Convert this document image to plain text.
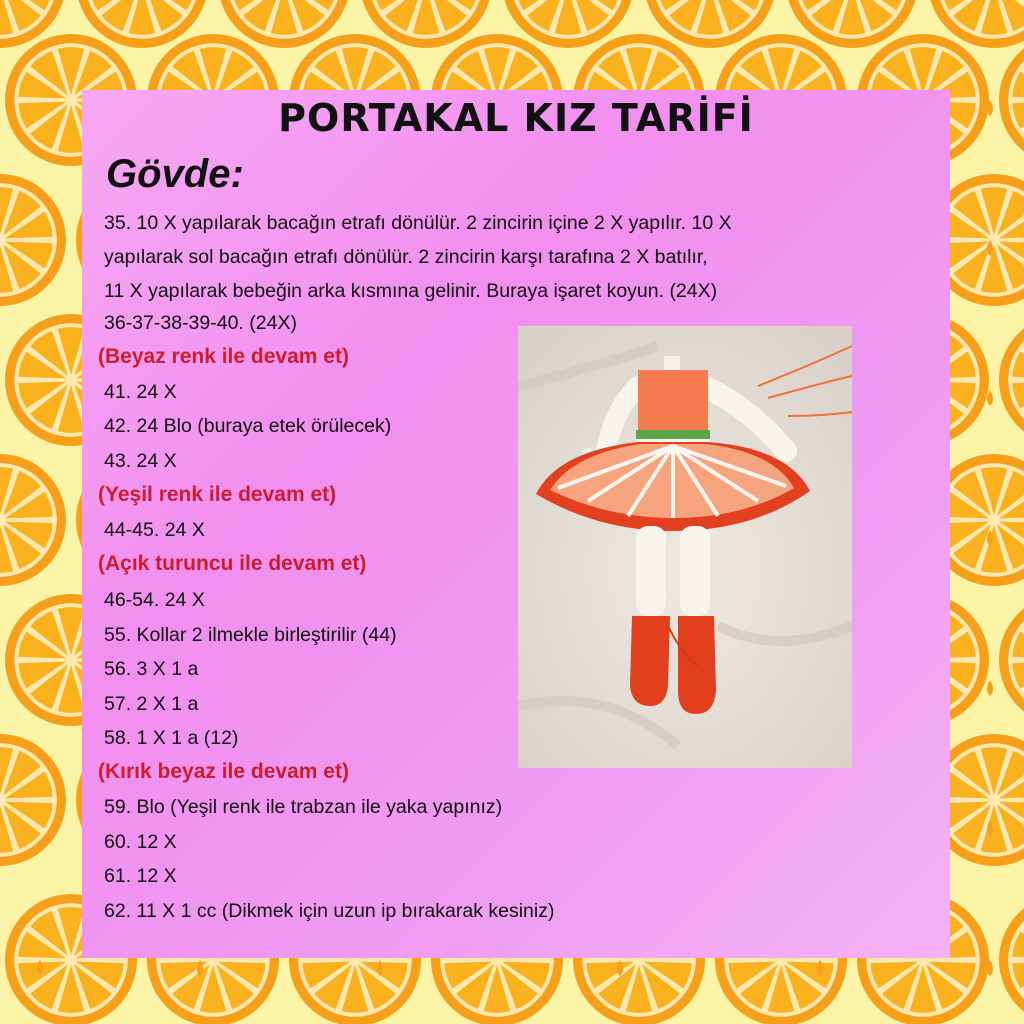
PORTAKAL KIZ TARİFİ
Gövde:

35. 10 X yapılarak bacağın etrafı dönülür. 2 zincirin içine 2 X yapılır. 10 X
yapılarak sol bacağın etrafı dönülür. 2 zincirin karşı tarafına 2 X batılır,
11 X yapılarak bebeğin arka kısmına gelinir. Buraya işaret koyun. (24X)

36-37-38-39-40. (24X)

(Beyaz renk ile devam et)

41. 24 X

42. 24 Blo (buraya etek örülecek)

43. 24 X

(Yeşil renk ile devam et)

44-45. 24 X

(Açık turuncu ile devam et)

46-54. 24 X

55. Kollar 2 ilmekle birleştirilir (44)

56. 3 X 1 a

57. 2 X 1 a

58. 1 X 1 a (12)

(Kırık beyaz ile devam et)

59. Blo (Yeşil renk ile trabzan ile yaka yapınız)

60. 12 X

61. 12 X

62. 11 X 1 cc (Dikmek için uzun ip bırakarak kesiniz)
